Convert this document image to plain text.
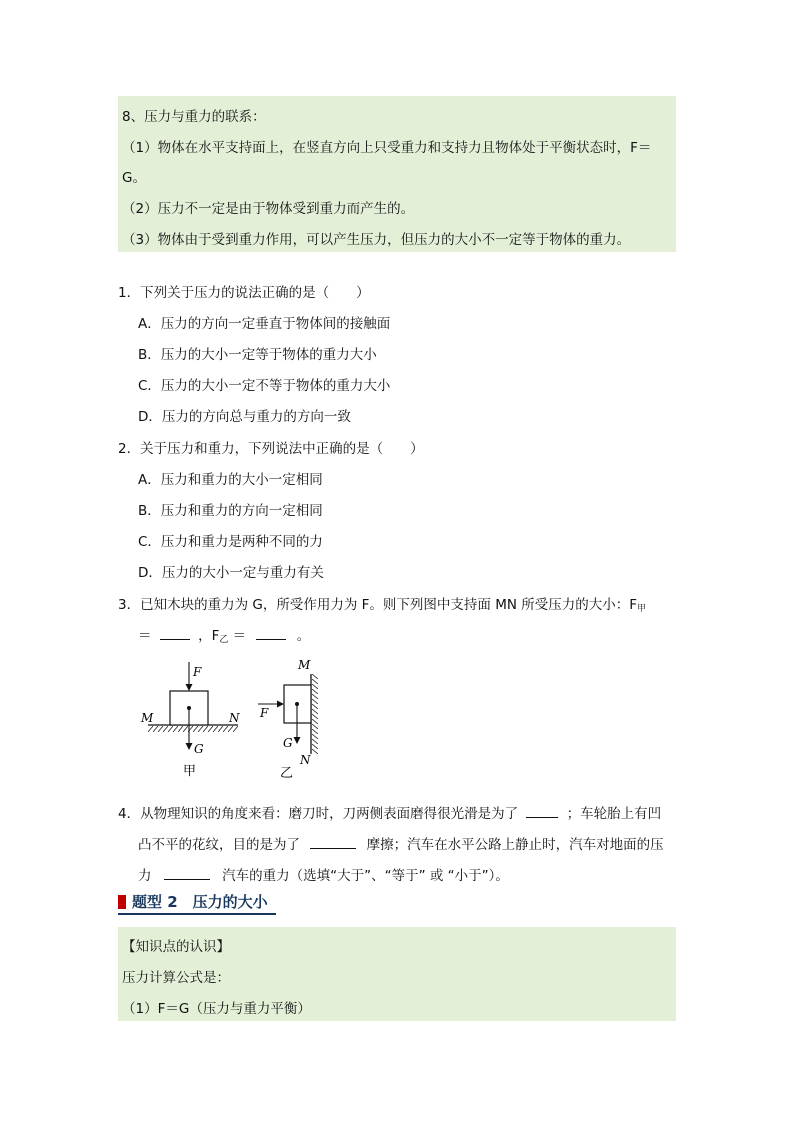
8、压力与重力的联系：
（1）物体在水平支持面上，在竖直方向上只受重力和支持力且物体处于平衡状态时，F＝
G。
（2）压力不一定是由于物体受到重力而产生的。
（3）物体由于受到重力作用，可以产生压力，但压力的大小不一定等于物体的重力。
1．下列关于压力的说法正确的是（　　）
A．压力的方向一定垂直于物体间的接触面
B．压力的大小一定等于物体的重力大小
C．压力的大小一定不等于物体的重力大小
D．压力的方向总与重力的方向一致
2．关于压力和重力，下列说法中正确的是（　　）
A．压力和重力的大小一定相同
B．压力和重力的方向一定相同
C．压力和重力是两种不同的力
D．压力的大小一定与重力有关
3．已知木块的重力为 G，所受作用力为 F。则下列图中支持面 MN 所受压力的大小：$F_甲$
＝	，$F_乙$ ＝	。
F
G
M	N
甲
F
G
M
N
乙
4．从物理知识的角度来看：磨刀时，刀两侧表面磨得很光滑是为了	；车轮胎上有凹
凸不平的花纹，目的是为了	摩擦；汽车在水平公路上静止时，汽车对地面的压
力	汽车的重力（选填“大于”、“等于” 或 “小于”）。
题型 2　压力的大小
【知识点的认识】
压力计算公式是：
（1）F＝G（压力与重力平衡）
